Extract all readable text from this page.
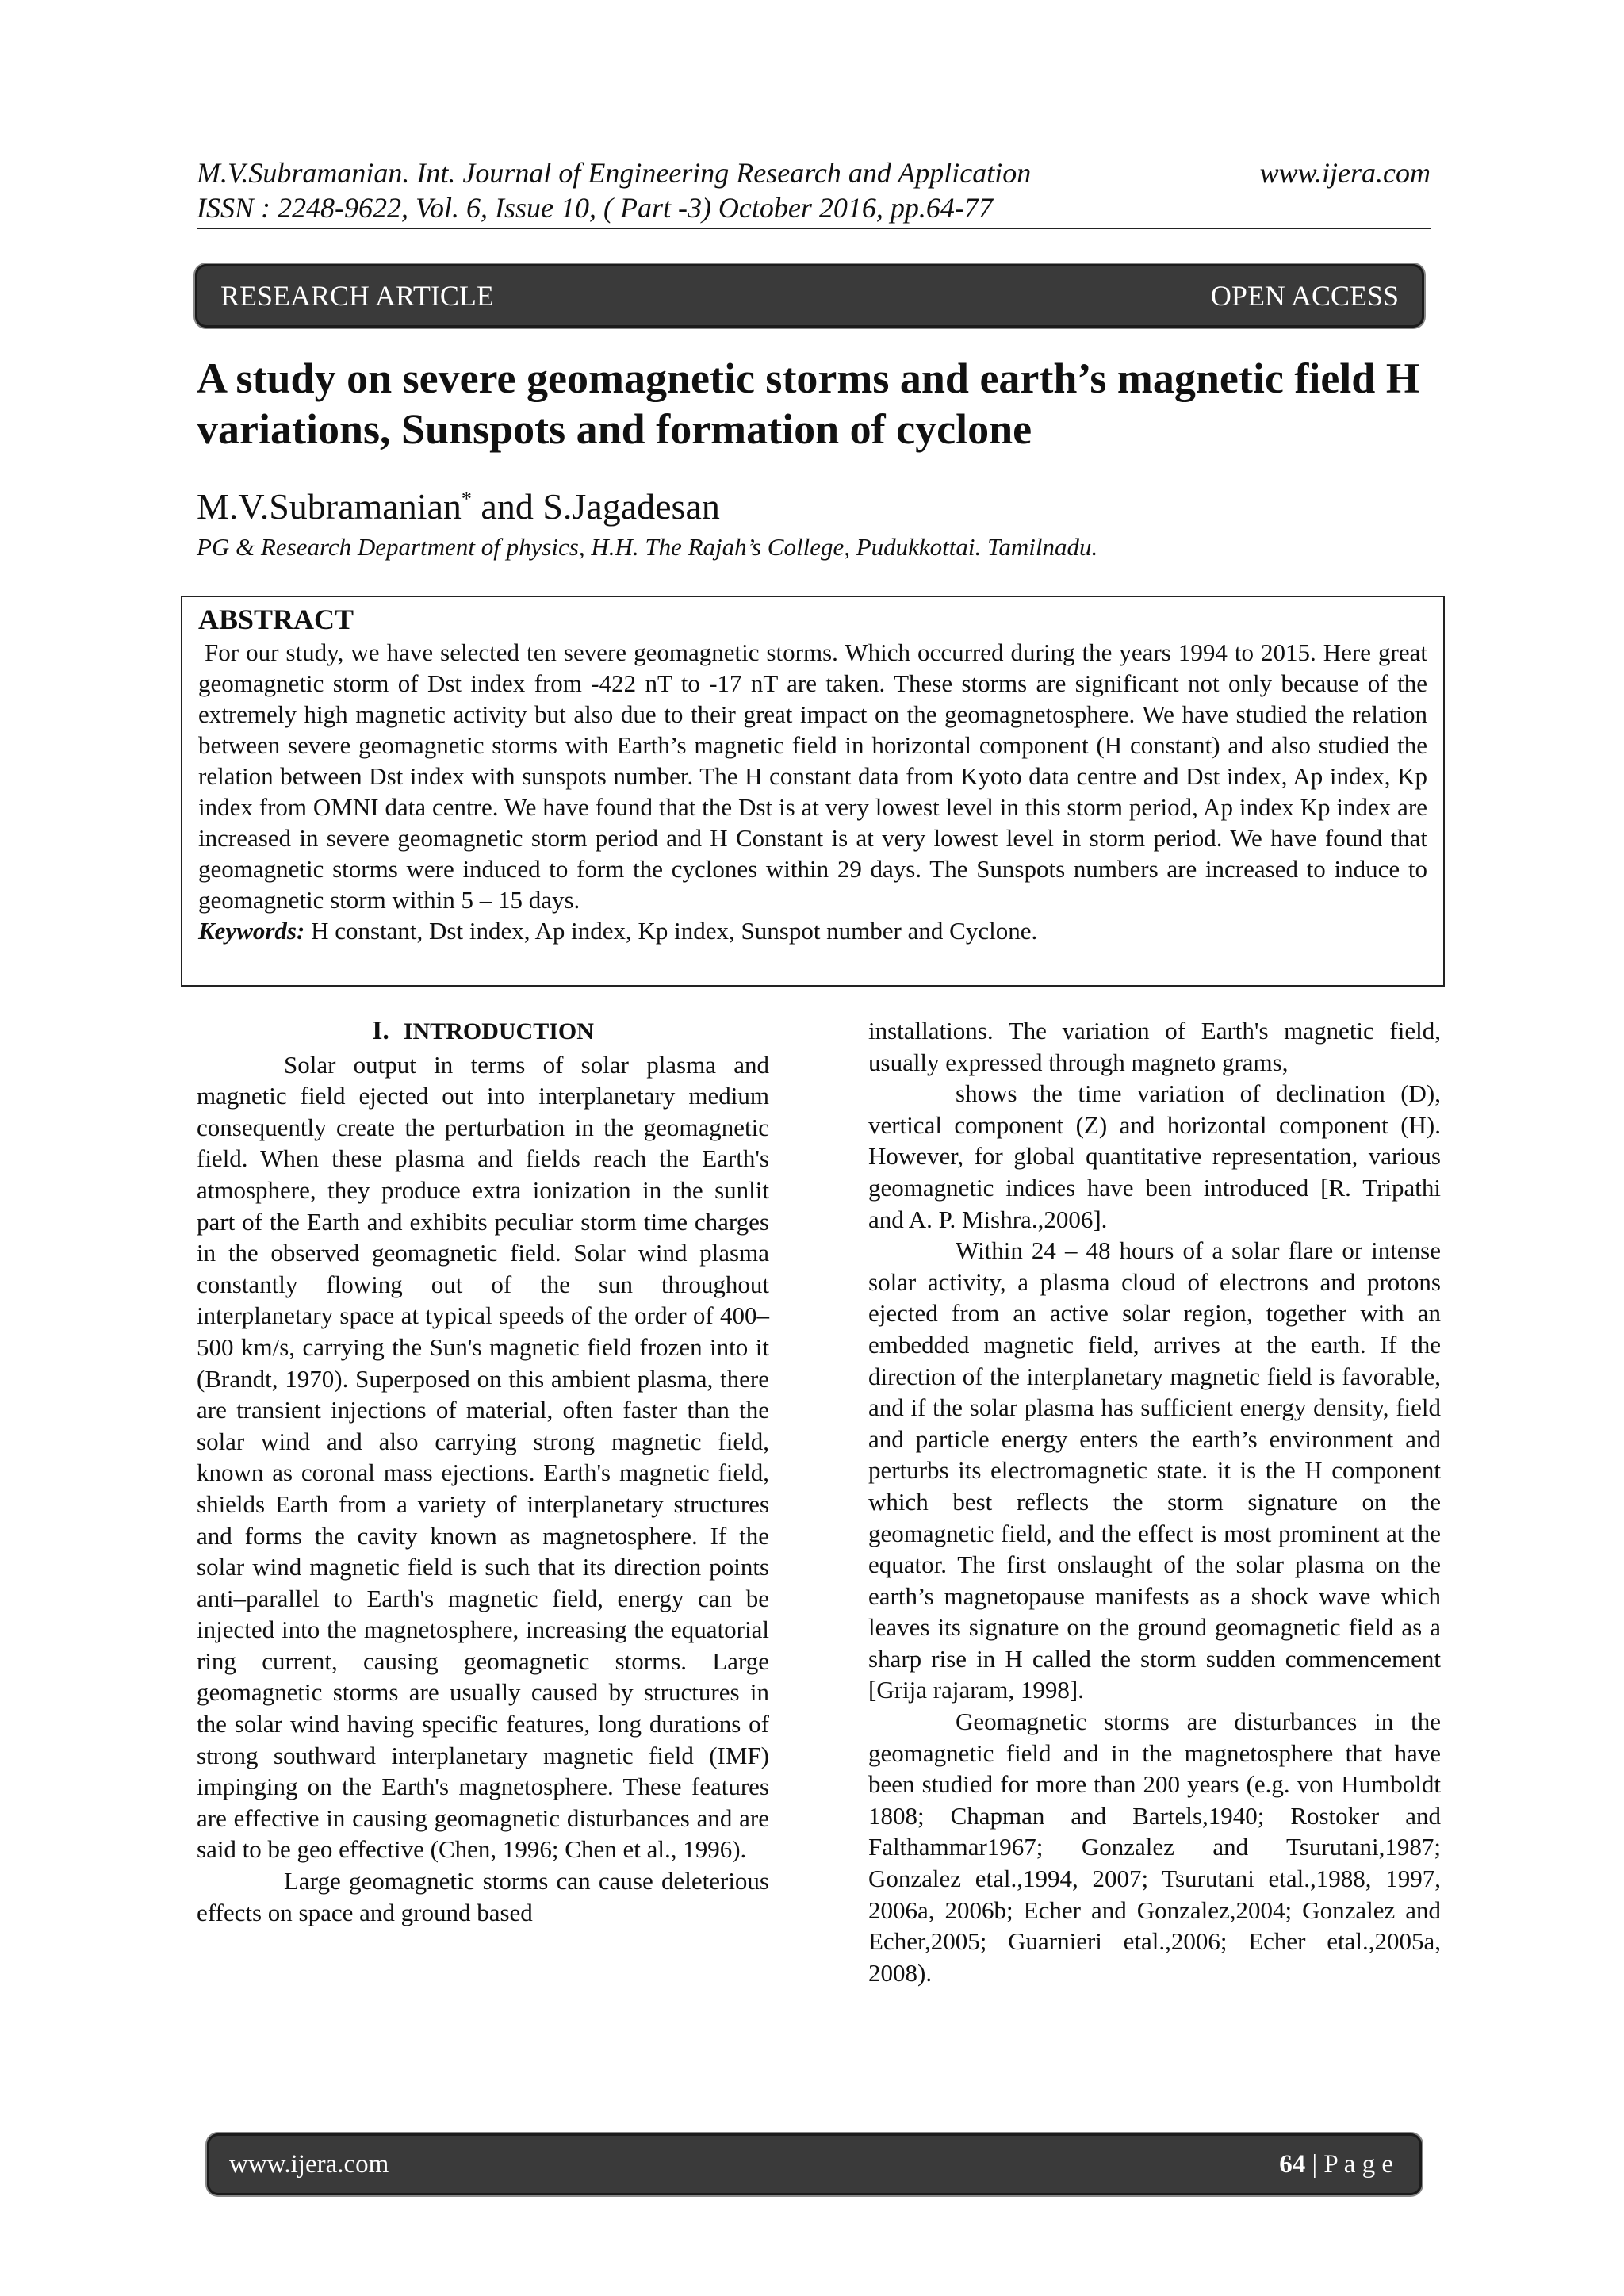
M.V.Subramanian. Int. Journal of Engineering Research and Application	www.ijera.com
ISSN : 2248-9622, Vol. 6, Issue 10, ( Part -3) October 2016, pp.64-77
RESEARCH ARTICLE	OPEN ACCESS
A study on severe geomagnetic storms and earth’s magnetic field H variations, Sunspots and formation of cyclone
M.V.Subramanian* and S.Jagadesan
PG & Research Department of physics, H.H. The Rajah’s College, Pudukkottai. Tamilnadu.
ABSTRACT

For our study, we have selected ten severe geomagnetic storms. Which occurred during the years 1994 to 2015. Here great geomagnetic storm of Dst index from -422 nT to -17 nT are taken. These storms are significant not only because of the extremely high magnetic activity but also due to their great impact on the geomagnetosphere. We have studied the relation between severe geomagnetic storms with Earth’s magnetic field in horizontal component (H constant) and also studied the relation between Dst index with sunspots number. The H constant data from Kyoto data centre and Dst index, Ap index, Kp index from OMNI data centre. We have found that the Dst is at very lowest level in this storm period, Ap index Kp index are increased in severe geomagnetic storm period and H Constant is at very lowest level in storm period. We have found that geomagnetic storms were induced to form the cyclones within 29 days. The Sunspots numbers are increased to induce to geomagnetic storm within 5 – 15 days.

Keywords: H constant, Dst index, Ap index, Kp index, Sunspot number and Cyclone.
I. INTRODUCTION

Solar output in terms of solar plasma and magnetic field ejected out into interplanetary medium consequently create the perturbation in the geomagnetic field. When these plasma and fields reach the Earth's atmosphere, they produce extra ionization in the sunlit part of the Earth and exhibits peculiar storm time charges in the observed geomagnetic field. Solar wind plasma constantly flowing out of the sun throughout interplanetary space at typical speeds of the order of 400–500 km/s, carrying the Sun's magnetic field frozen into it (Brandt, 1970). Superposed on this ambient plasma, there are transient injections of material, often faster than the solar wind and also carrying strong magnetic field, known as coronal mass ejections. Earth's magnetic field, shields Earth from a variety of interplanetary structures and forms the cavity known as magnetosphere. If the solar wind magnetic field is such that its direction points anti–parallel to Earth's magnetic field, energy can be injected into the magnetosphere, increasing the equatorial ring current, causing geomagnetic storms. Large geomagnetic storms are usually caused by structures in the solar wind having specific features, long durations of strong southward interplanetary magnetic field (IMF) impinging on the Earth's magnetosphere. These features are effective in causing geomagnetic disturbances and are said to be geo effective (Chen, 1996; Chen et al., 1996).

Large geomagnetic storms can cause deleterious effects on space and ground based

installations. The variation of Earth's magnetic field, usually expressed through magneto grams,

shows the time variation of declination (D), vertical component (Z) and horizontal component (H). However, for global quantitative representation, various geomagnetic indices have been introduced [R. Tripathi and A. P. Mishra.,2006].

Within 24 – 48 hours of a solar flare or intense solar activity, a plasma cloud of electrons and protons ejected from an active solar region, together with an embedded magnetic field, arrives at the earth. If the direction of the interplanetary magnetic field is favorable, and if the solar plasma has sufficient energy density, field and particle energy enters the earth’s environment and perturbs its electromagnetic state. it is the H component which best reflects the storm signature on the geomagnetic field, and the effect is most prominent at the equator. The first onslaught of the solar plasma on the earth’s magnetopause manifests as a shock wave which leaves its signature on the ground geomagnetic field as a sharp rise in H called the storm sudden commencement [Grija rajaram, 1998].

Geomagnetic storms are disturbances in the geomagnetic field and in the magnetosphere that have been studied for more than 200 years (e.g. von Humboldt 1808; Chapman and Bartels,1940; Rostoker and Falthammar1967; Gonzalez and Tsurutani,1987; Gonzalez etal.,1994, 2007; Tsurutani etal.,1988, 1997, 2006a, 2006b; Echer and Gonzalez,2004; Gonzalez and Echer,2005; Guarnieri etal.,2006; Echer etal.,2005a, 2008).

www.ijera.com	64 | P a g e
